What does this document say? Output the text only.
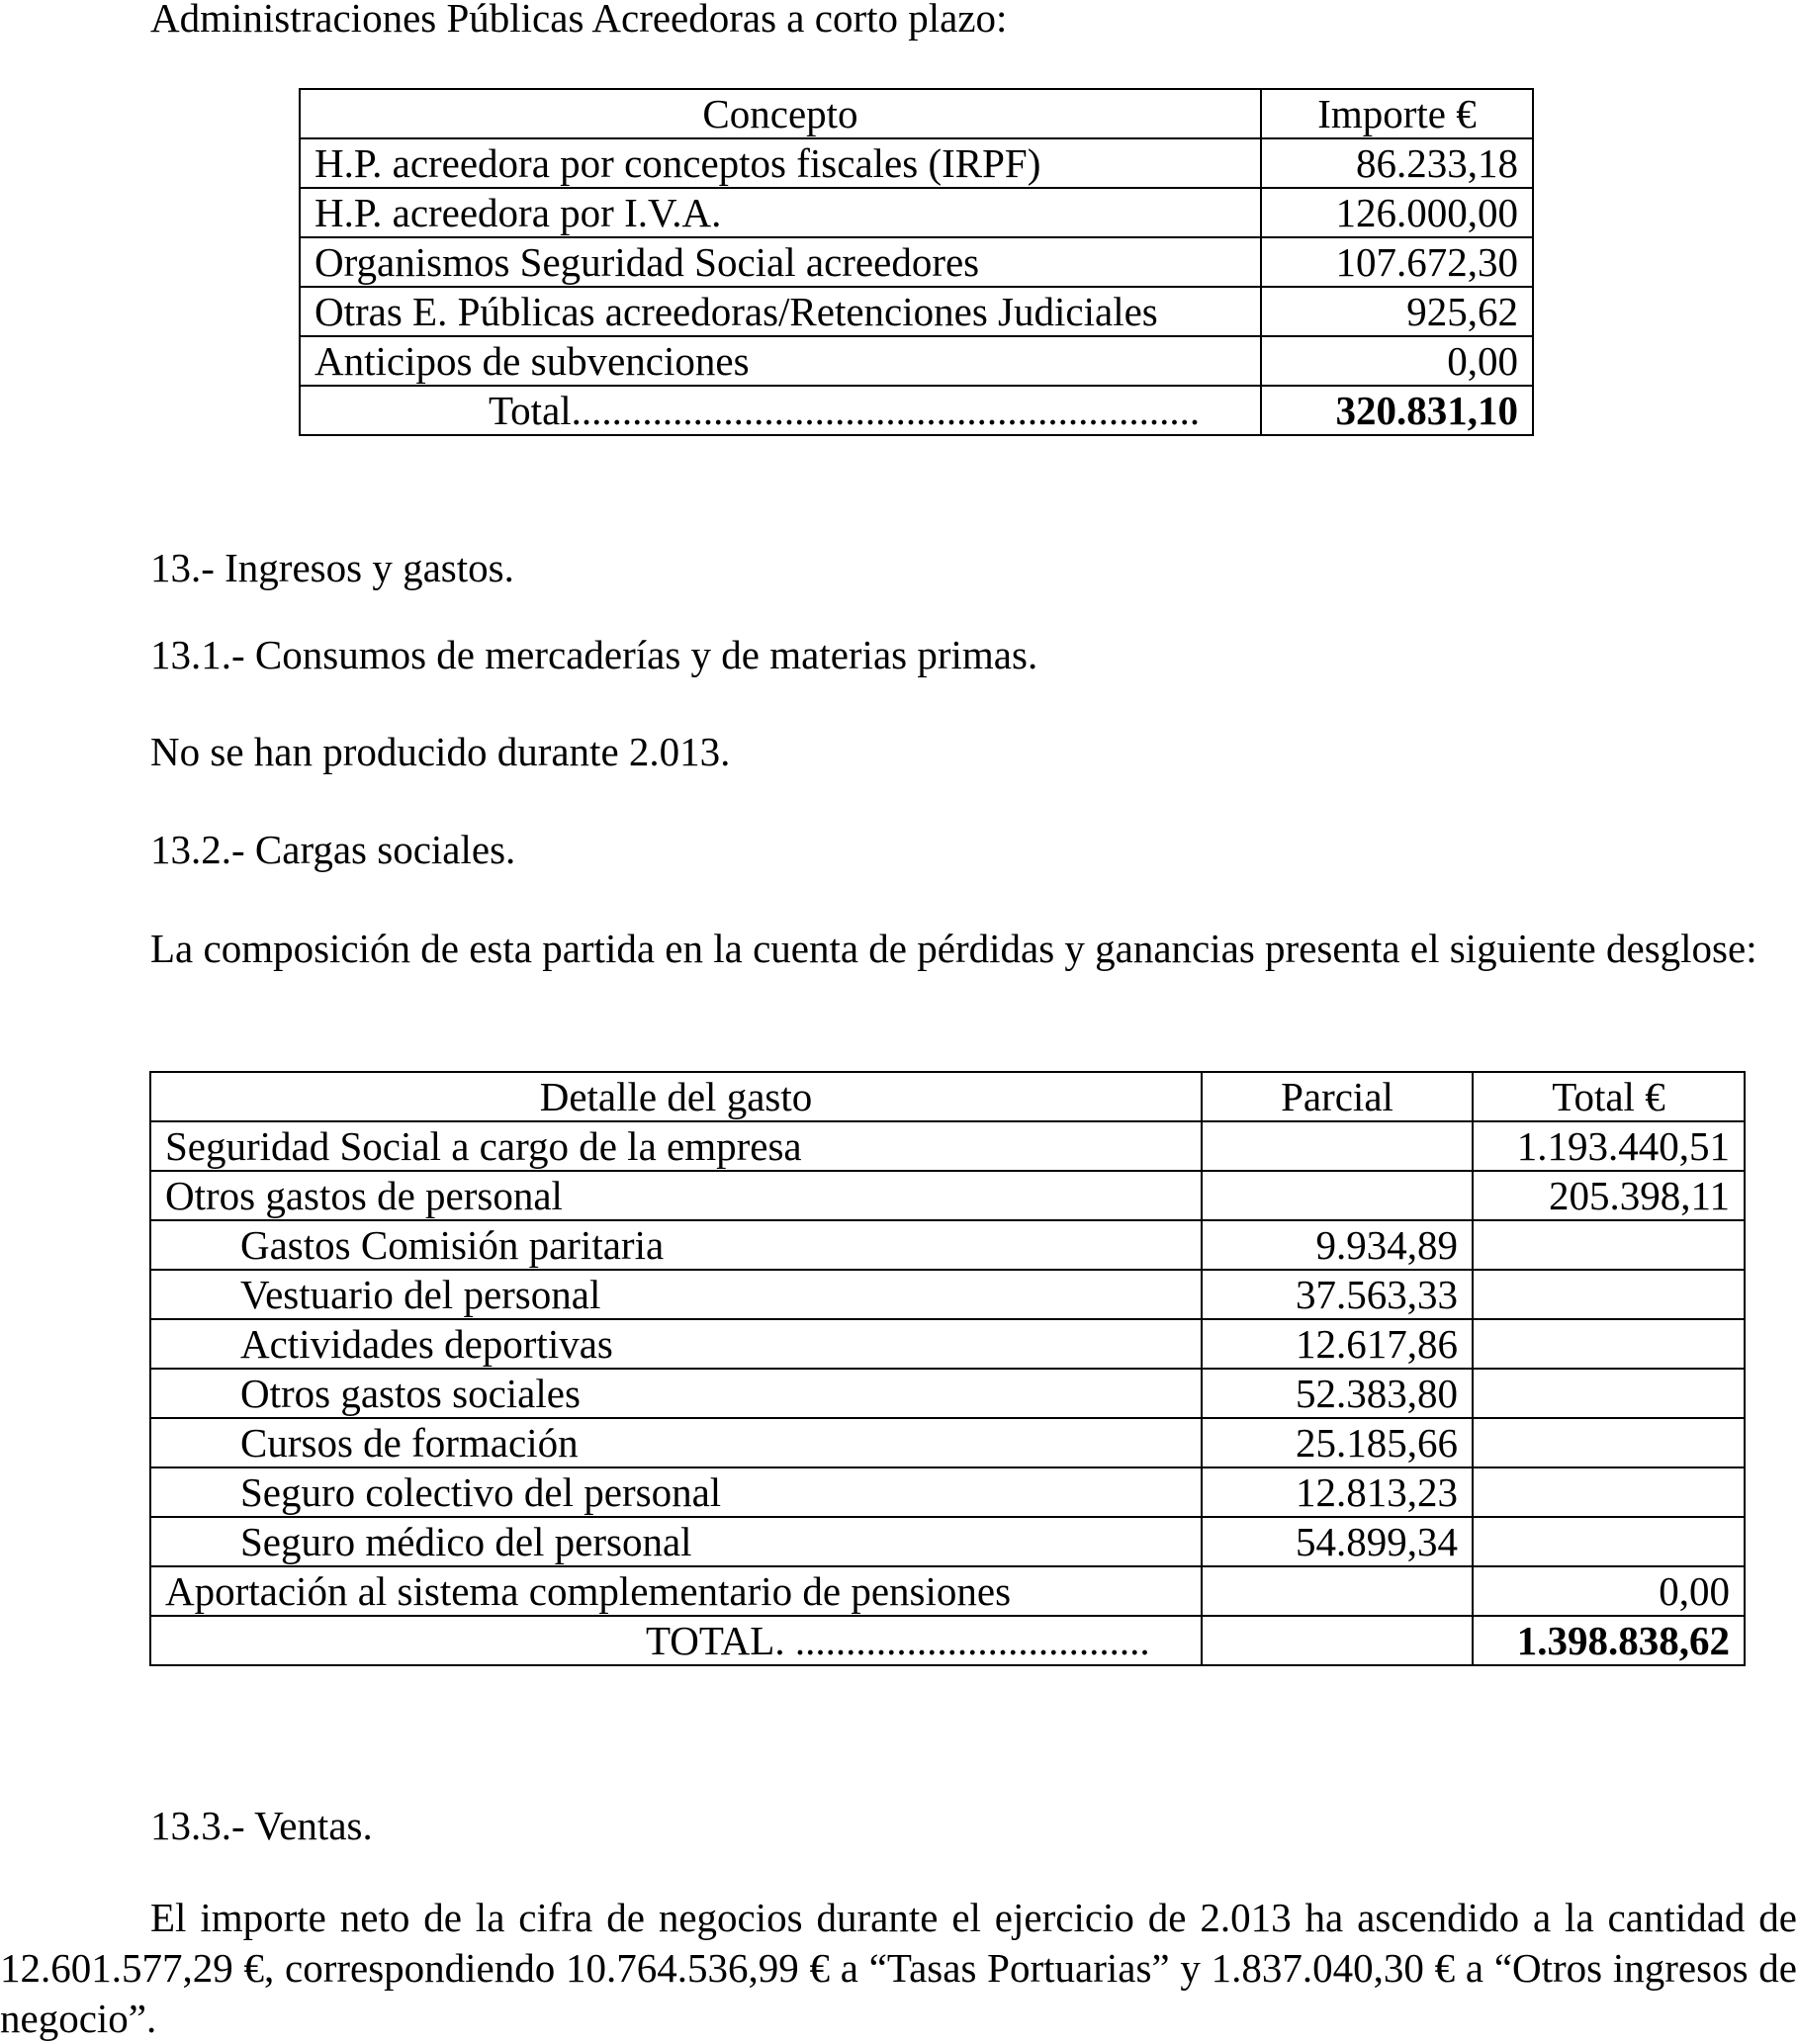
Administraciones Públicas Acreedoras a corto plazo:

Concepto	Importe €
H.P. acreedora por conceptos fiscales (IRPF)	86.233,18
H.P. acreedora por I.V.A.	126.000,00
Organismos Seguridad Social acreedores	107.672,30
Otras E. Públicas acreedoras/Retenciones Judiciales	925,62
Anticipos de subvenciones	0,00
Total..............................................................	320.831,10

13.- Ingresos y gastos.

13.1.- Consumos de mercaderías y de materias primas.

No se han producido durante 2.013.

13.2.- Cargas sociales.

La composición de esta partida en la cuenta de pérdidas y ganancias presenta el siguiente desglose:

Detalle del gasto	Parcial	Total €
Seguridad Social a cargo de la empresa		1.193.440,51
Otros gastos de personal		205.398,11
Gastos Comisión paritaria	9.934,89	
Vestuario del personal	37.563,33	
Actividades deportivas	12.617,86	
Otros gastos sociales	52.383,80	
Cursos de formación	25.185,66	
Seguro colectivo del personal	12.813,23	
Seguro médico del personal	54.899,34	
Aportación al sistema complementario de pensiones		0,00
TOTAL. ...................................		1.398.838,62

13.3.- Ventas.

El importe neto de la cifra de negocios durante el ejercicio de 2.013 ha ascendido a la cantidad de 12.601.577,29 €, correspondiendo 10.764.536,99 € a “Tasas Portuarias” y 1.837.040,30 € a “Otros ingresos de negocio”.
